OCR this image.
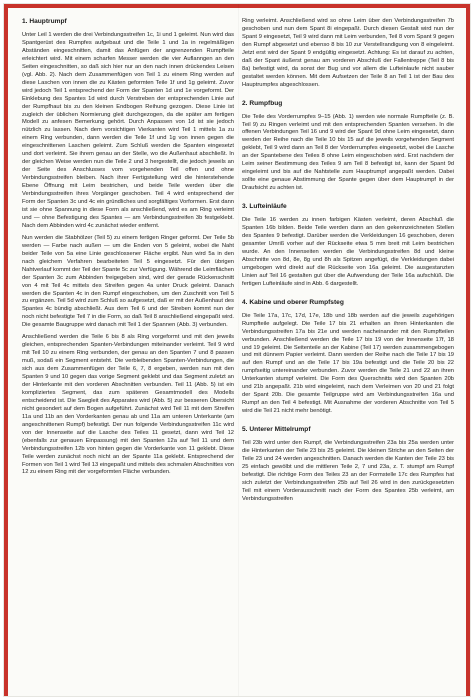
1. Hauptrumpf

Unter Leil 1 werden die drei Verbindungsstreifen 1c, 1i und 1 geleimt. Nun wird das Spantgerüst des Rumpfes aufgebaut und die Teile 1 und 1a in regelmäßigen Abständen eingeschnitten, damit das Anfügen der angrenzenden Rumpfteile erleichtert wird. Mit einem scharfen Messer werden die vier Auflanngen an den Seiten eingeschnitten, so daß sich hier nur an den nach innen drückendes Leisen (vgl. Abb. 2). Nach dem Zusammenfügen von Teil 1 zu einem Ring werden auf diese Laschen von innen die zu Kästen geformten Teile 1f und 1g geleimt. Zuvor wird jedoch Teil 1 entsprechend der Form der Spanten 1d und 1e vorgeformt. Der Einklebung des Spantes 1d wird durch Verstreben der entsprechenden Linie auf der Rumpfhaut bis zu den kleinen Endbogen Reihung gezogen. Diese Linie ist zugleich der üblichen Normierung gleit durchgezogen, da die später am fertigen Modell zu anfesen Bemerkung gehört. Durch Anpassen von 1d ist sie jedoch nützlich zu lassen. Nach dem vorsichtigen Vierkanten wird Teil 1 mittels 1a zu einem Ring verbunden, dann werden die Teile 1f und 1g von innen gegen die eingeschnittenen Laschen geleimt. Zum Schluß werden die Spanten eingesetzt und dort verleimt. Sie ihrem genau an der Stelle, wo die Außenhaut abschließt. In der gleichen Weise werden nun die Teile 2 und 3 hergestellt, die jedoch jeweils an der Seite des Anschlusses vom vorgehenden Teil offen und ohne Verbindungsstreifen bleiben. Nach ihrer Fertigstellung wird die hinterstehende Ebene Öffnung mit Leim bestrichen, und beide Teile werden über die Verbindungsstreifen ihres Vorgänger geschoben. Teil 4 wird entsprechend der Form der Spanten 3c und 4c ein gründliches und sorgfältiges Vorformen. Erst dann ist sie ohne Spannung in diese Form als anschließend, wird es am Ring verleimt und — ohne Befestigung des Spantes — am Verbindungsstreifen 3b festgeklebt. Nach dem Abbinden wird 4c zunächst wieder entfernt.

Nun werden die Stabhölzer (Teil 5) zu einem fertigen Ringer geformt. Der Teile 5b werden — Farbe nach außen — um die Enden von 5 geleimt, wobei die Naht beider Teile von 5a eine Linie geschlossener Fläche ergibt. Nun wird 5a in den nach gleichem Verfahren bearbeiteten Teil 5 eingesetzt. Für den übrigen Nahtverlauf kommt der Teil der Spante 5c zur Verfügung. Während die Leimflächen der Spanten 3c zum Abbinden freigegeben sind, wird der gerade Rückenschnitt von 4 mit Teil 4c mittels des Streifen gegen 4a unter Druck geleimt. Danach werden die Spanten 4c in den Rumpf eingeschoben, um den Zuschnitt von Teil 5 zu ergänzen. Teil 5d wird zum Schluß so aufgesetzt, daß er mit der Außenhaut des Spantes 4c bündig abschließt. Aus dem Teil 6 und der Streben kommt nun der noch nicht befestigte Teil 7 in die Form, so daß Teil 8 anschließend eingepaßt wird. Die gesamte Baugruppe wird danach mit Teil 1 der Spannen (Abb. 3) verbunden.

Anschließend werden die Teile 6 bis 8 als Ring vorgeformt und mit den jeweils gleichen, entsprechenden Spanten-Verbindungen miteinander verleimt. Teil 9 wird mit Teil 10 zu einem Ring verbunden, der genau an den Spanten 7 und 8 passen muß, sodaß ein Segment entsteht. Die verbleibenden Spanten-Verbindungen, die sich aus dem Zusammenfügen der Teile 6, 7, 8 ergeben, werden nun mit den Spanten 9 und 10 gegen das vorige Segment geklebt und das Segment zuletzt an der Hinterkante mit den vorderen Abschnitten verbunden. Teil 11 (Abb. 5) ist ein kompliziertes Segment, das zum späteren Gesamtmodell des Modells entscheidend ist. Die Saegleit des Apparates wird (Abb. 5) zur besseren Übersicht nicht gesondert auf dem Bogen aufgeführt. Zunächst wird Teil 11 mit dem Streifen 11a und 11b an den Vorderkanten genau ab und 11a am unteren Unterkante (am angeschnittenen Rumpf) befestigt. Der nun folgende Verbindungsstreifen 11c wird von der Innenseite auf die Lasche des Teiles 11 gesetzt, dann wird Teil 12 (ebenfalls zur genauen Einpassung) mit den Spanten 12a auf Teil 11 und dem Verbindungsstreifen 12b von hinten gegen die Vorderkante von 11 geklebt. Diese Teile werden zunächst noch nicht an der Spante 11a geklebt. Entsprechend der Formen von Teil 1 wird Teil 13 eingepaßt und mittels des schmalen Abschnittes von 12 zu einem Ring mit der vorgeformten Fläche verbunden.

Ring verleimt. Anschließend wird so ohne Leim über den Verbindungsstreifen 7b geschoben und nun dem Spant 8i eingepaßt. Durch diesen Gestalt wird nun der Spant 9 eingesetzt, Teil 9 wird dann mit Leim verbunden, Teil 8 vom Spant 9 gegen den Rumpf abgesetzt und ebenso 8 bis 10 zur Verstellrandigung von 8 eingeleimt. Jetzt erst wird der Spant 9 endgültig eingesetzt. Achtung: Es ist darauf zu achten, daß der Spant äußerst genau am vorderen Abschluß der Fallentreppe (Teil 8 bis 8a) befestigt wird, da sonst der Bug und vor allem die Lufteinlaufe nicht sauber gestaltet werden können. Mit dem Aufsetzen der Teile 8 an Teil 1 ist der Bau des Hauptrumpfes abgeschlossen.

2. Rumpfbug

Die Teile des Vorderrumpfes 9–15 (Abb. 1) werden wie normale Rumpfteile (z. B. Teil 9) zu Ringen verleimt und mit den entsprechenden Spanten versehen. In die offenen Verbindungen Teil 16 und 9 wird der Spant 9d ohne Leim eingesetzt, dann werden der Reihe nach die Teile 10 bis 15 auf die jeweils vorgehenden Segment geklebt, Teil 9 wird dann an Teil 8 der Vorderrumpfes eingesetzt, wobei die Lasche an der Spantebene des Teiles 8 ohne Leim eingeschoben wird. Erst nachdem der Leim seiner Bestimmung des Teiles 9 am Teil 8 befestigt ist, kann der Spant 9d eingeleimt und bis auf die Nahtstelle zum Hauptrumpf angepaßt werden. Dabei sollte eine genaue Abstimmung der Spante gegen über dem Hauptrumpf in der Draufsicht zu achten ist.

3. Lufteinläufe

Die Teile 16 werden zu innen farbigen Kästen verleimt, deren Abschluß die Spanten 16b bilden. Beide Teile werden dann an den gekennzeichneten Stellen des Spantes 9 befestigt. Darüber werden die Verkleidungen 16 geschoben, deren gesamter Umriß vorher auf der Rückseite etwa 5 mm breit mit Leim bestrichen wurde. An den Innenseiten werden die Verbindungsstreifen 8d und kleine Abschnitte von 8d, 8e, 8g und 8h als Spitzen angefügt, die Verkleidungen dabei umgebogen wird direkt auf die Rückseite von 16a geleimt. Die ausgestanzten Linien auf Teil 16 gestalten gut über die Aufwendung der Teile 16a aufschlüß. Die fertigen Lufteinläufe sind in Abb. 6 dargestellt.

4. Kabine und oberer Rumpfsteg

Die Teile 17a, 17c, 17d, 17e, 18b und 18b werden auf die jeweils zugehörigen Rumpfteile aufgelegt. Die Teile 17 bis 21 erhalten an ihren Hinterkanten die Verbindungsstreifen 17a bis 21e und werden nacheinander mit den Rumpfteilen verbunden. Anschließend werden die Teile 17 bis 19 von der Innenseite 17f, 18 und 19 geleimt. Die Seitenteile an der Kabine (Teil 17) werden zusammengebogen und mit dünnem Papier verleimt. Dann werden der Reihe nach die Teile 17 bis 19 auf den Rumpf und an die Teile 17 bis 19a befestigt und die Teile 20 bis 22 rumpfseitig untereinander verbunden. Zuvor werden die Teile 21 und 22 an ihren Unterkanten stumpf verleimt. Die Form des Querschnitts wird den Spanten 20b und 21b angepaßt. 21b wird eingeleimt, nach dem Verleimen von 20 und 21 folgt der Spant 20b. Die gesamte Teilgruppe wird am Verbindungsstreifen 16a und Rumpf an den Teil 4 befestigt. Mit Ausnahme der vorderen Abschnitte von Teil 5 wird die Teil 21 nicht mehr benötigt.

5. Unterer Mittelrumpf

Teil 23b wird unter den Rumpf, die Verbindungsstreifen 23a bis 25a werden unter die Hinterkanten der Teile 23 bis 25 geleimt. Die kleinen Striche an den Seiten der Teile 23 und 24 werden angeschnitten. Danach werden die Kanten der Teile 23 bis 25 einfach gewölbt und die mittleren Teile 2, 7 und 23a, z. T. stumpf am Rumpf befestigt. Die richtige Form des Teiles 23 an der Formstelle 17c des Rumpfes hat sich zuletzt der Verbindungsstreifen 25b auf Teil 26 wird in den zurückgesetzten Teil mit einem Vorderausschnitt nach der Form des Spantes 25b verleimt, am Verbindungsstreifen
